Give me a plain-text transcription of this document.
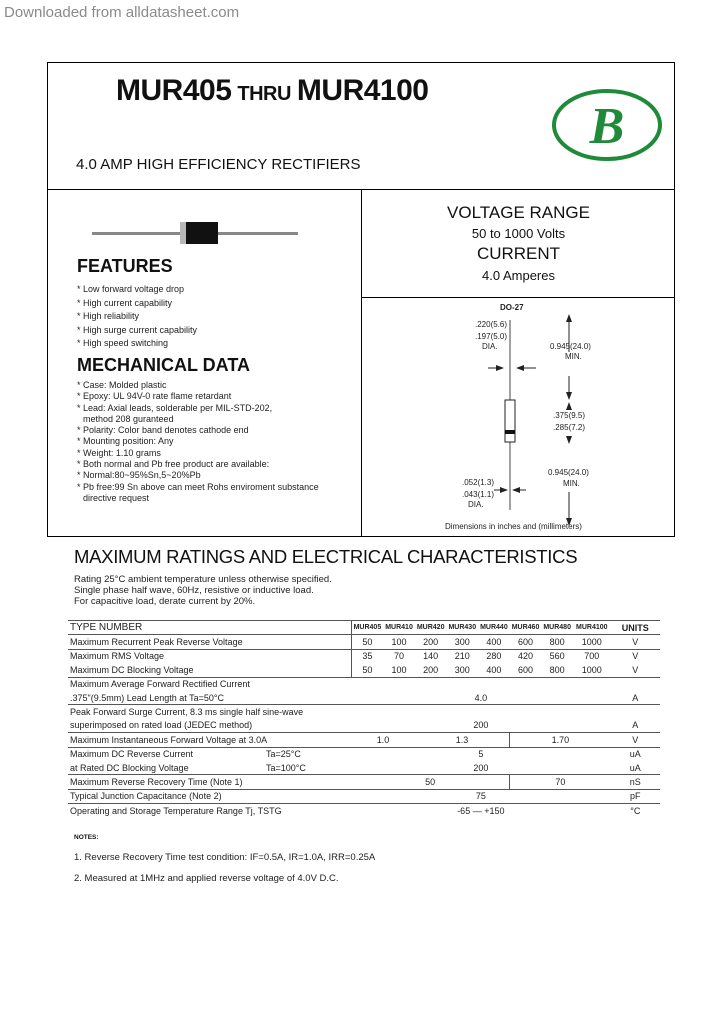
Downloaded from alldatasheet.com
MUR405 THRU MUR4100
4.0 AMP HIGH EFFICIENCY RECTIFIERS
B
VOLTAGE RANGE
50 to 1000 Volts
CURRENT
4.0 Amperes
FEATURES
* Low forward voltage drop
* High current capability
* High reliability
* High surge current capability
* High speed switching
MECHANICAL DATA
* Case: Molded plastic
* Epoxy: UL 94V-0 rate flame retardant
* Lead: Axial leads, solderable per MIL-STD-202,
method 208 guranteed
* Polarity: Color band denotes cathode end
* Mounting position: Any
* Weight: 1.10 grams
* Both normal and Pb free product are available:
* Normal:80~95%Sn,5~20%Pb
* Pb free:99 Sn above can meet Rohs enviroment substance
directive request
DO-27
.220(5.6)
.197(5.0)
DIA.	0.945(24.0)
MIN.
.375(9.5)
.285(7.2)
0.945(24.0)
MIN.
.052(1.3)
.043(1.1)
DIA.
Dimensions in inches and (millimeters)
MAXIMUM RATINGS AND ELECTRICAL CHARACTERISTICS
Rating 25°C ambient temperature unless otherwise specified.
Single phase half wave, 60Hz, resistive or inductive load.
For capacitive load, derate current by 20%.
TYPE NUMBER	MUR405	MUR410	MUR420	MUR430	MUR440	MUR460	MUR480	MUR4100	UNITS
Maximum Recurrent Peak Reverse Voltage	50	100	200	300	400	600	800	1000	V
Maximum RMS Voltage	35	70	140	210	280	420	560	700	V
Maximum DC Blocking Voltage	50	100	200	300	400	600	800	1000	V
Maximum Average Forward Rectified Current									
.375"(9.5mm) Lead Length at Ta=50°C	4.0								A
Peak Forward Surge Current, 8.3 ms single half sine-wave									
superimposed on rated load (JEDEC method)	200								A
Maximum Instantaneous Forward Voltage at 3.0A	1.0		1.3			1.70			V
Maximum DC Reverse Current Ta=25°C	5								uA
at Rated DC Blocking Voltage Ta=100°C	200								uA
Maximum Reverse Recovery Time (Note 1)	50					70			nS
Typical Junction Capacitance (Note 2)	75								pF
Operating and Storage Temperature Range Tj, TSTG	-65 — +150								°C
NOTES:
1. Reverse Recovery Time test condition: IF=0.5A, IR=1.0A, IRR=0.25A
2. Measured at 1MHz and applied reverse voltage of 4.0V D.C.
